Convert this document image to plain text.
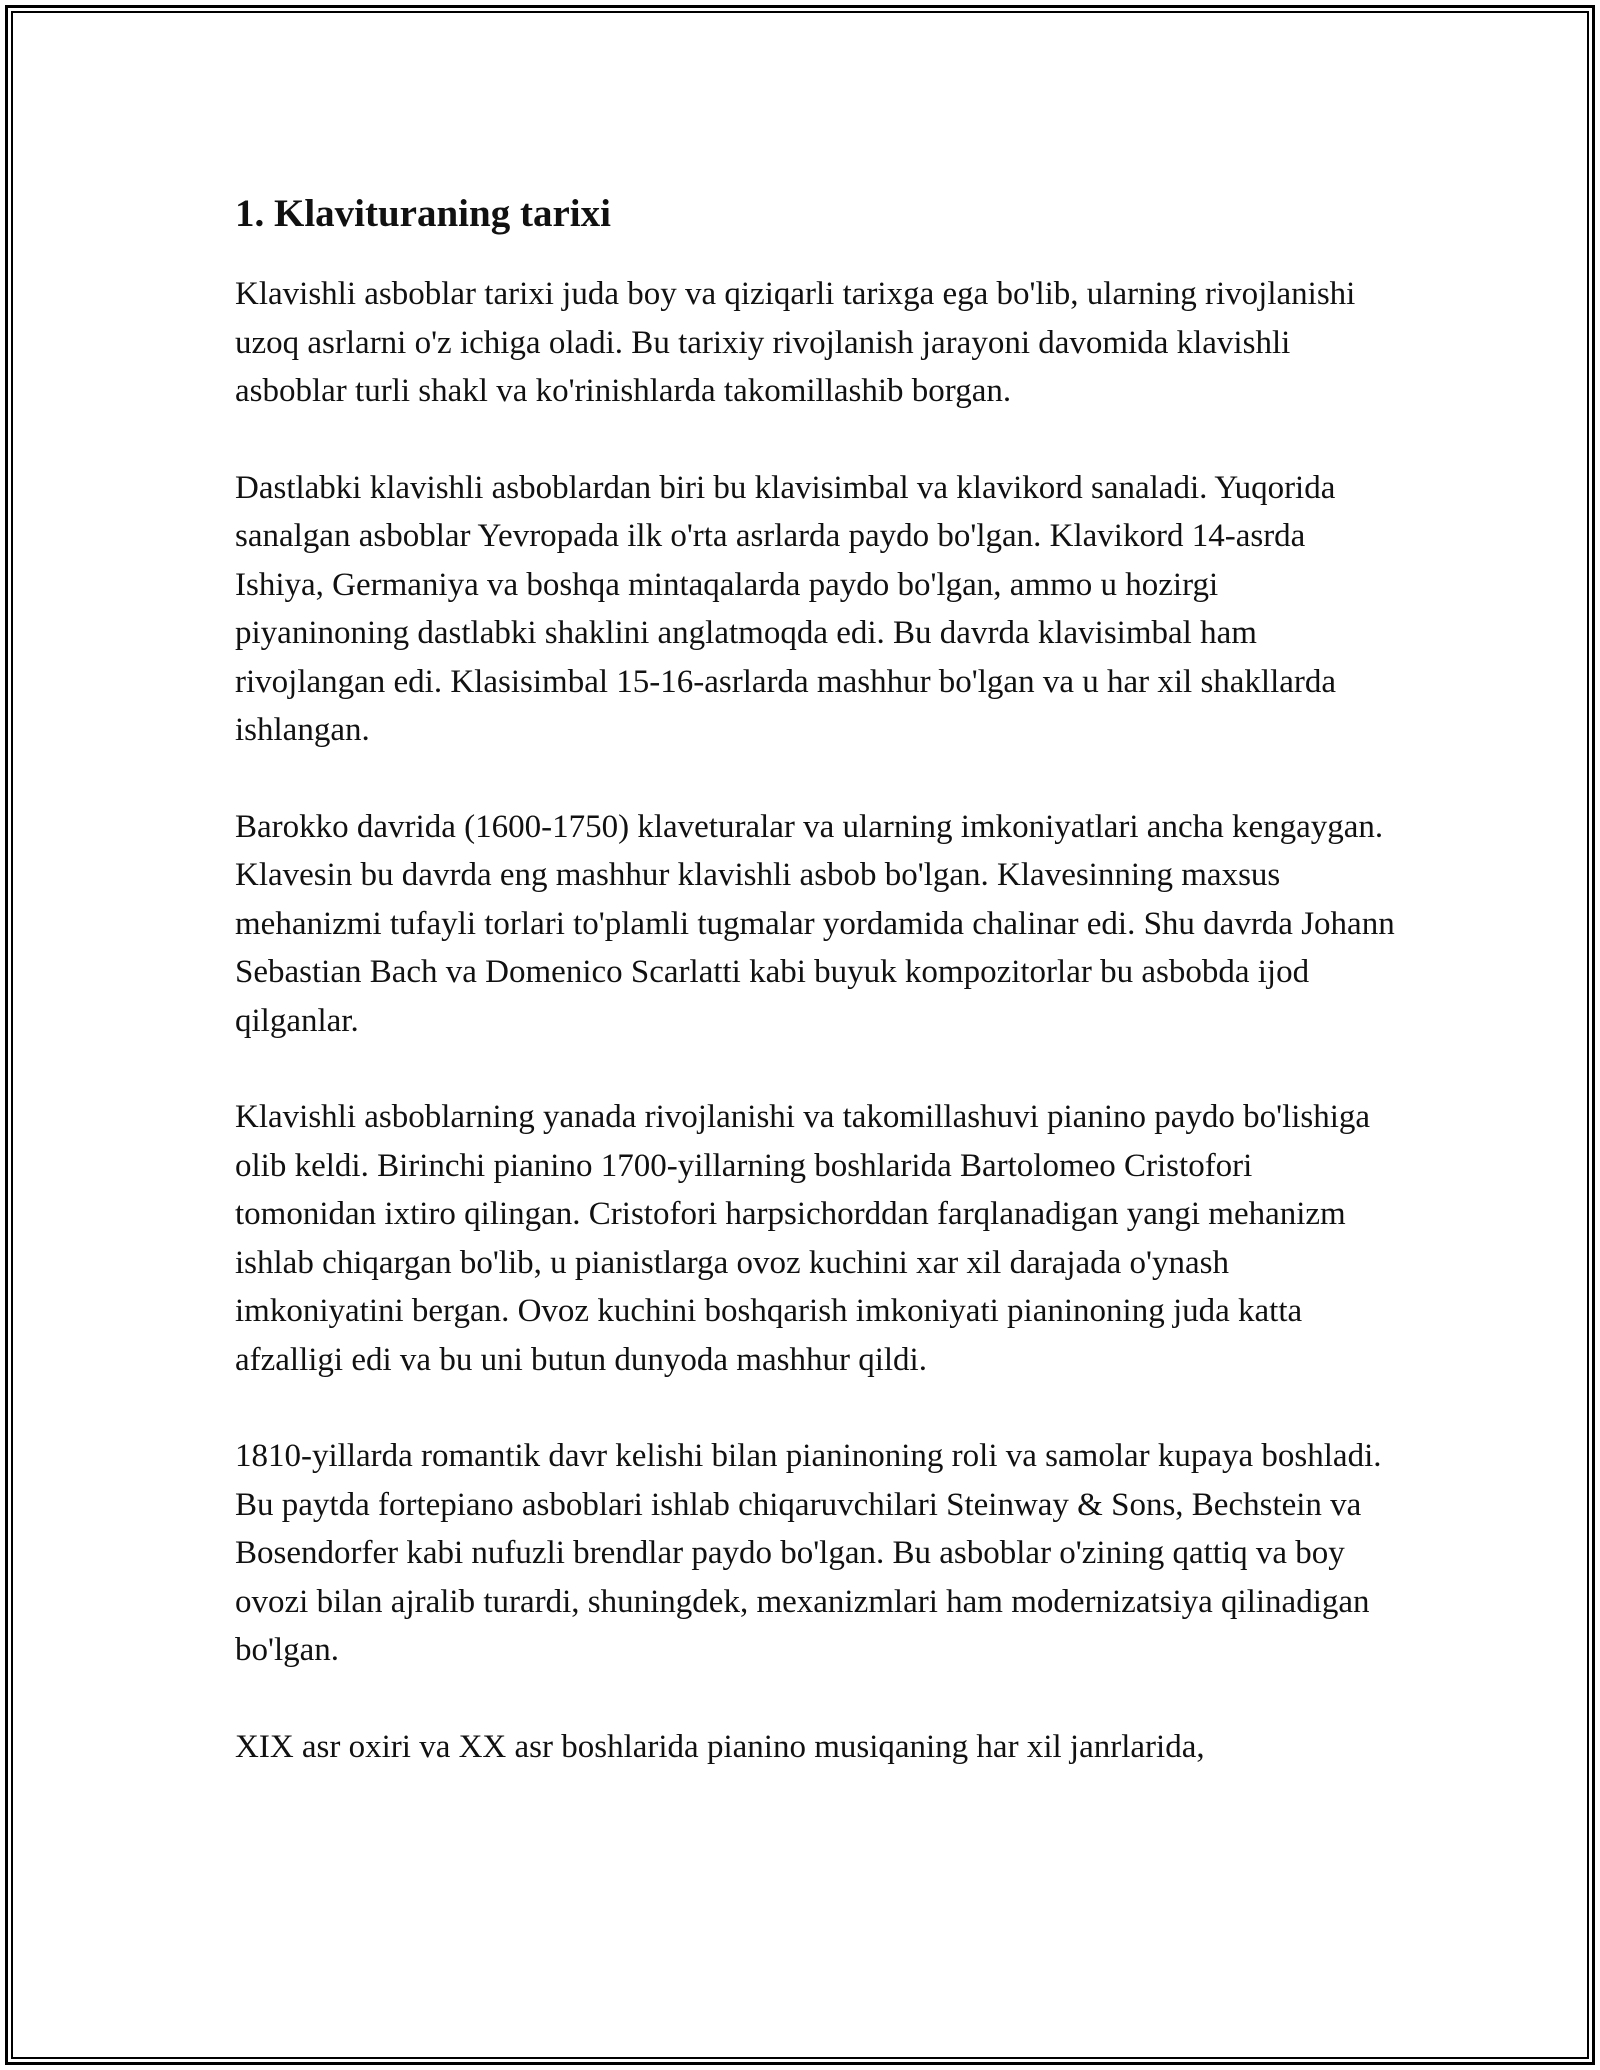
1. Klavituraning tarixi

Klavishli asboblar tarixi juda boy va qiziqarli tarixga ega bo'lib, ularning rivojlanishi uzoq asrlarni o'z ichiga oladi. Bu tarixiy rivojlanish jarayoni davomida klavishli asboblar turli shakl va ko'rinishlarda takomillashib borgan.

Dastlabki klavishli asboblardan biri bu klavisimbal va klavikord sanaladi. Yuqorida sanalgan asboblar Yevropada ilk o'rta asrlarda paydo bo'lgan. Klavikord 14-asrda Ishiya, Germaniya va boshqa mintaqalarda paydo bo'lgan, ammo u hozirgi piyaninoning dastlabki shaklini anglatmoqda edi. Bu davrda klavisimbal ham rivojlangan edi. Klasisimbal 15-16-asrlarda mashhur bo'lgan va u har xil shakllarda ishlangan.

Barokko davrida (1600-1750) klaveturalar va ularning imkoniyatlari ancha kengaygan. Klavesin bu davrda eng mashhur klavishli asbob bo'lgan. Klavesinning maxsus mehanizmi tufayli torlari to'plamli tugmalar yordamida chalinar edi. Shu davrda Johann Sebastian Bach va Domenico Scarlatti kabi buyuk kompozitorlar bu asbobda ijod qilganlar.

Klavishli asboblarning yanada rivojlanishi va takomillashuvi pianino paydo bo'lishiga olib keldi. Birinchi pianino 1700-yillarning boshlarida Bartolomeo Cristofori tomonidan ixtiro qilingan. Cristofori harpsichorddan farqlanadigan yangi mehanizm ishlab chiqargan bo'lib, u pianistlarga ovoz kuchini xar xil darajada o'ynash imkoniyatini bergan. Ovoz kuchini boshqarish imkoniyati pianinoning juda katta afzalligi edi va bu uni butun dunyoda mashhur qildi.

1810-yillarda romantik davr kelishi bilan pianinoning roli va samolar kupaya boshladi. Bu paytda fortepiano asboblari ishlab chiqaruvchilari Steinway & Sons, Bechstein va Bosendorfer kabi nufuzli brendlar paydo bo'lgan. Bu asboblar o'zining qattiq va boy ovozi bilan ajralib turardi, shuningdek, mexanizmlari ham modernizatsiya qilinadigan bo'lgan.

XIX asr oxiri va XX asr boshlarida pianino musiqaning har xil janrlarida,
